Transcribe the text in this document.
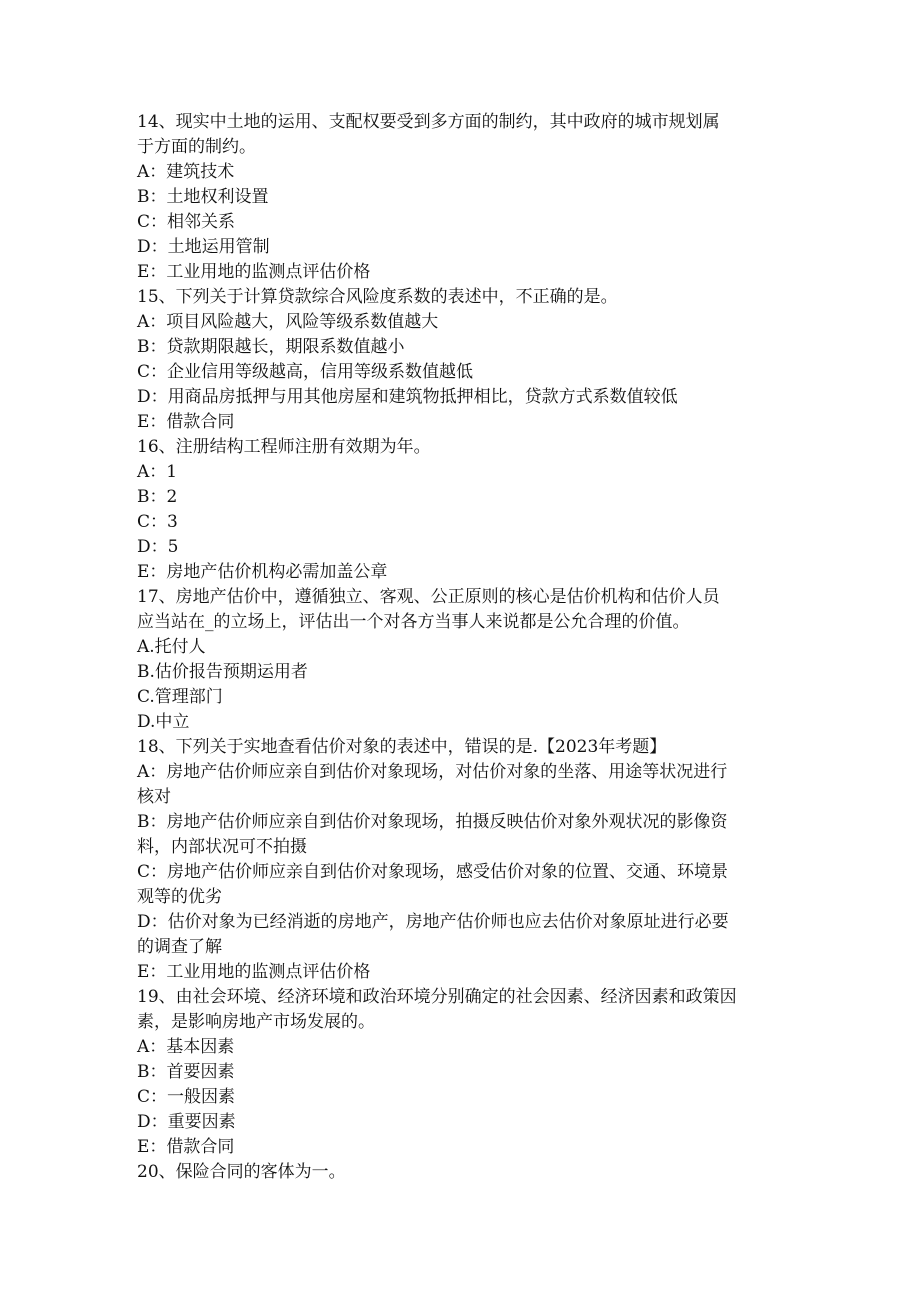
14、现实中土地的运用、支配权要受到多方面的制约，其中政府的城市规划属
于方面的制约。
A：建筑技术
B：土地权利设置
C：相邻关系
D：土地运用管制
E：工业用地的监测点评估价格
15、下列关于计算贷款综合风险度系数的表述中，不正确的是。
A：项目风险越大，风险等级系数值越大
B：贷款期限越长，期限系数值越小
C：企业信用等级越高，信用等级系数值越低
D：用商品房抵押与用其他房屋和建筑物抵押相比，贷款方式系数值较低
E：借款合同
16、注册结构工程师注册有效期为年。
A：1
B：2
C：3
D：5
E：房地产估价机构必需加盖公章
17、房地产估价中，遵循独立、客观、公正原则的核心是估价机构和估价人员
应当站在_的立场上，评估出一个对各方当事人来说都是公允合理的价值。
A.托付人
B.估价报告预期运用者
C.管理部门
D.中立
18、下列关于实地查看估价对象的表述中，错误的是.【2023年考题】
A：房地产估价师应亲自到估价对象现场，对估价对象的坐落、用途等状况进行
核对
B：房地产估价师应亲自到估价对象现场，拍摄反映估价对象外观状况的影像资
料，内部状况可不拍摄
C：房地产估价师应亲自到估价对象现场，感受估价对象的位置、交通、环境景
观等的优劣
D：估价对象为已经消逝的房地产，房地产估价师也应去估价对象原址进行必要
的调查了解
E：工业用地的监测点评估价格
19、由社会环境、经济环境和政治环境分别确定的社会因素、经济因素和政策因
素，是影响房地产市场发展的。
A：基本因素
B：首要因素
C：一般因素
D：重要因素
E：借款合同
20、保险合同的客体为一。
